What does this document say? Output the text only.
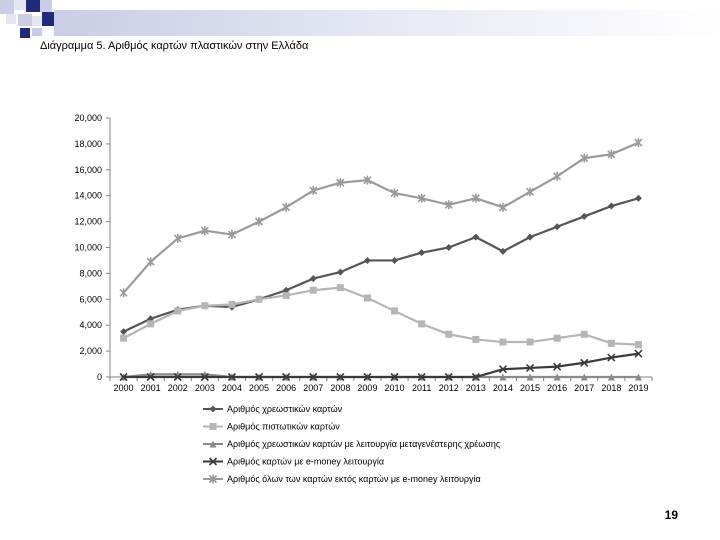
Διάγραμμα 5. Αριθμός καρτών πλαστικών στην Ελλάδα
0
2,000
4,000
6,000
8,000
10,000
12,000
14,000
16,000
18,000
20,000
2000 2001 2002 2003 2004 2005 2006 2007 2008 2009 2010 2011 2012 2013 2014 2015 2016 2017 2018 2019
Αριθμός χρεωστικών καρτών
Αριθμός πιστωτικών καρτών
Αριθμός χρεωστικών καρτών με λειτουργία μεταγενέστερης χρέωσης
Αριθμός καρτών με e-money λειτουργία
Αριθμός όλων των καρτών εκτός καρτών με e-money λειτουργία
19
